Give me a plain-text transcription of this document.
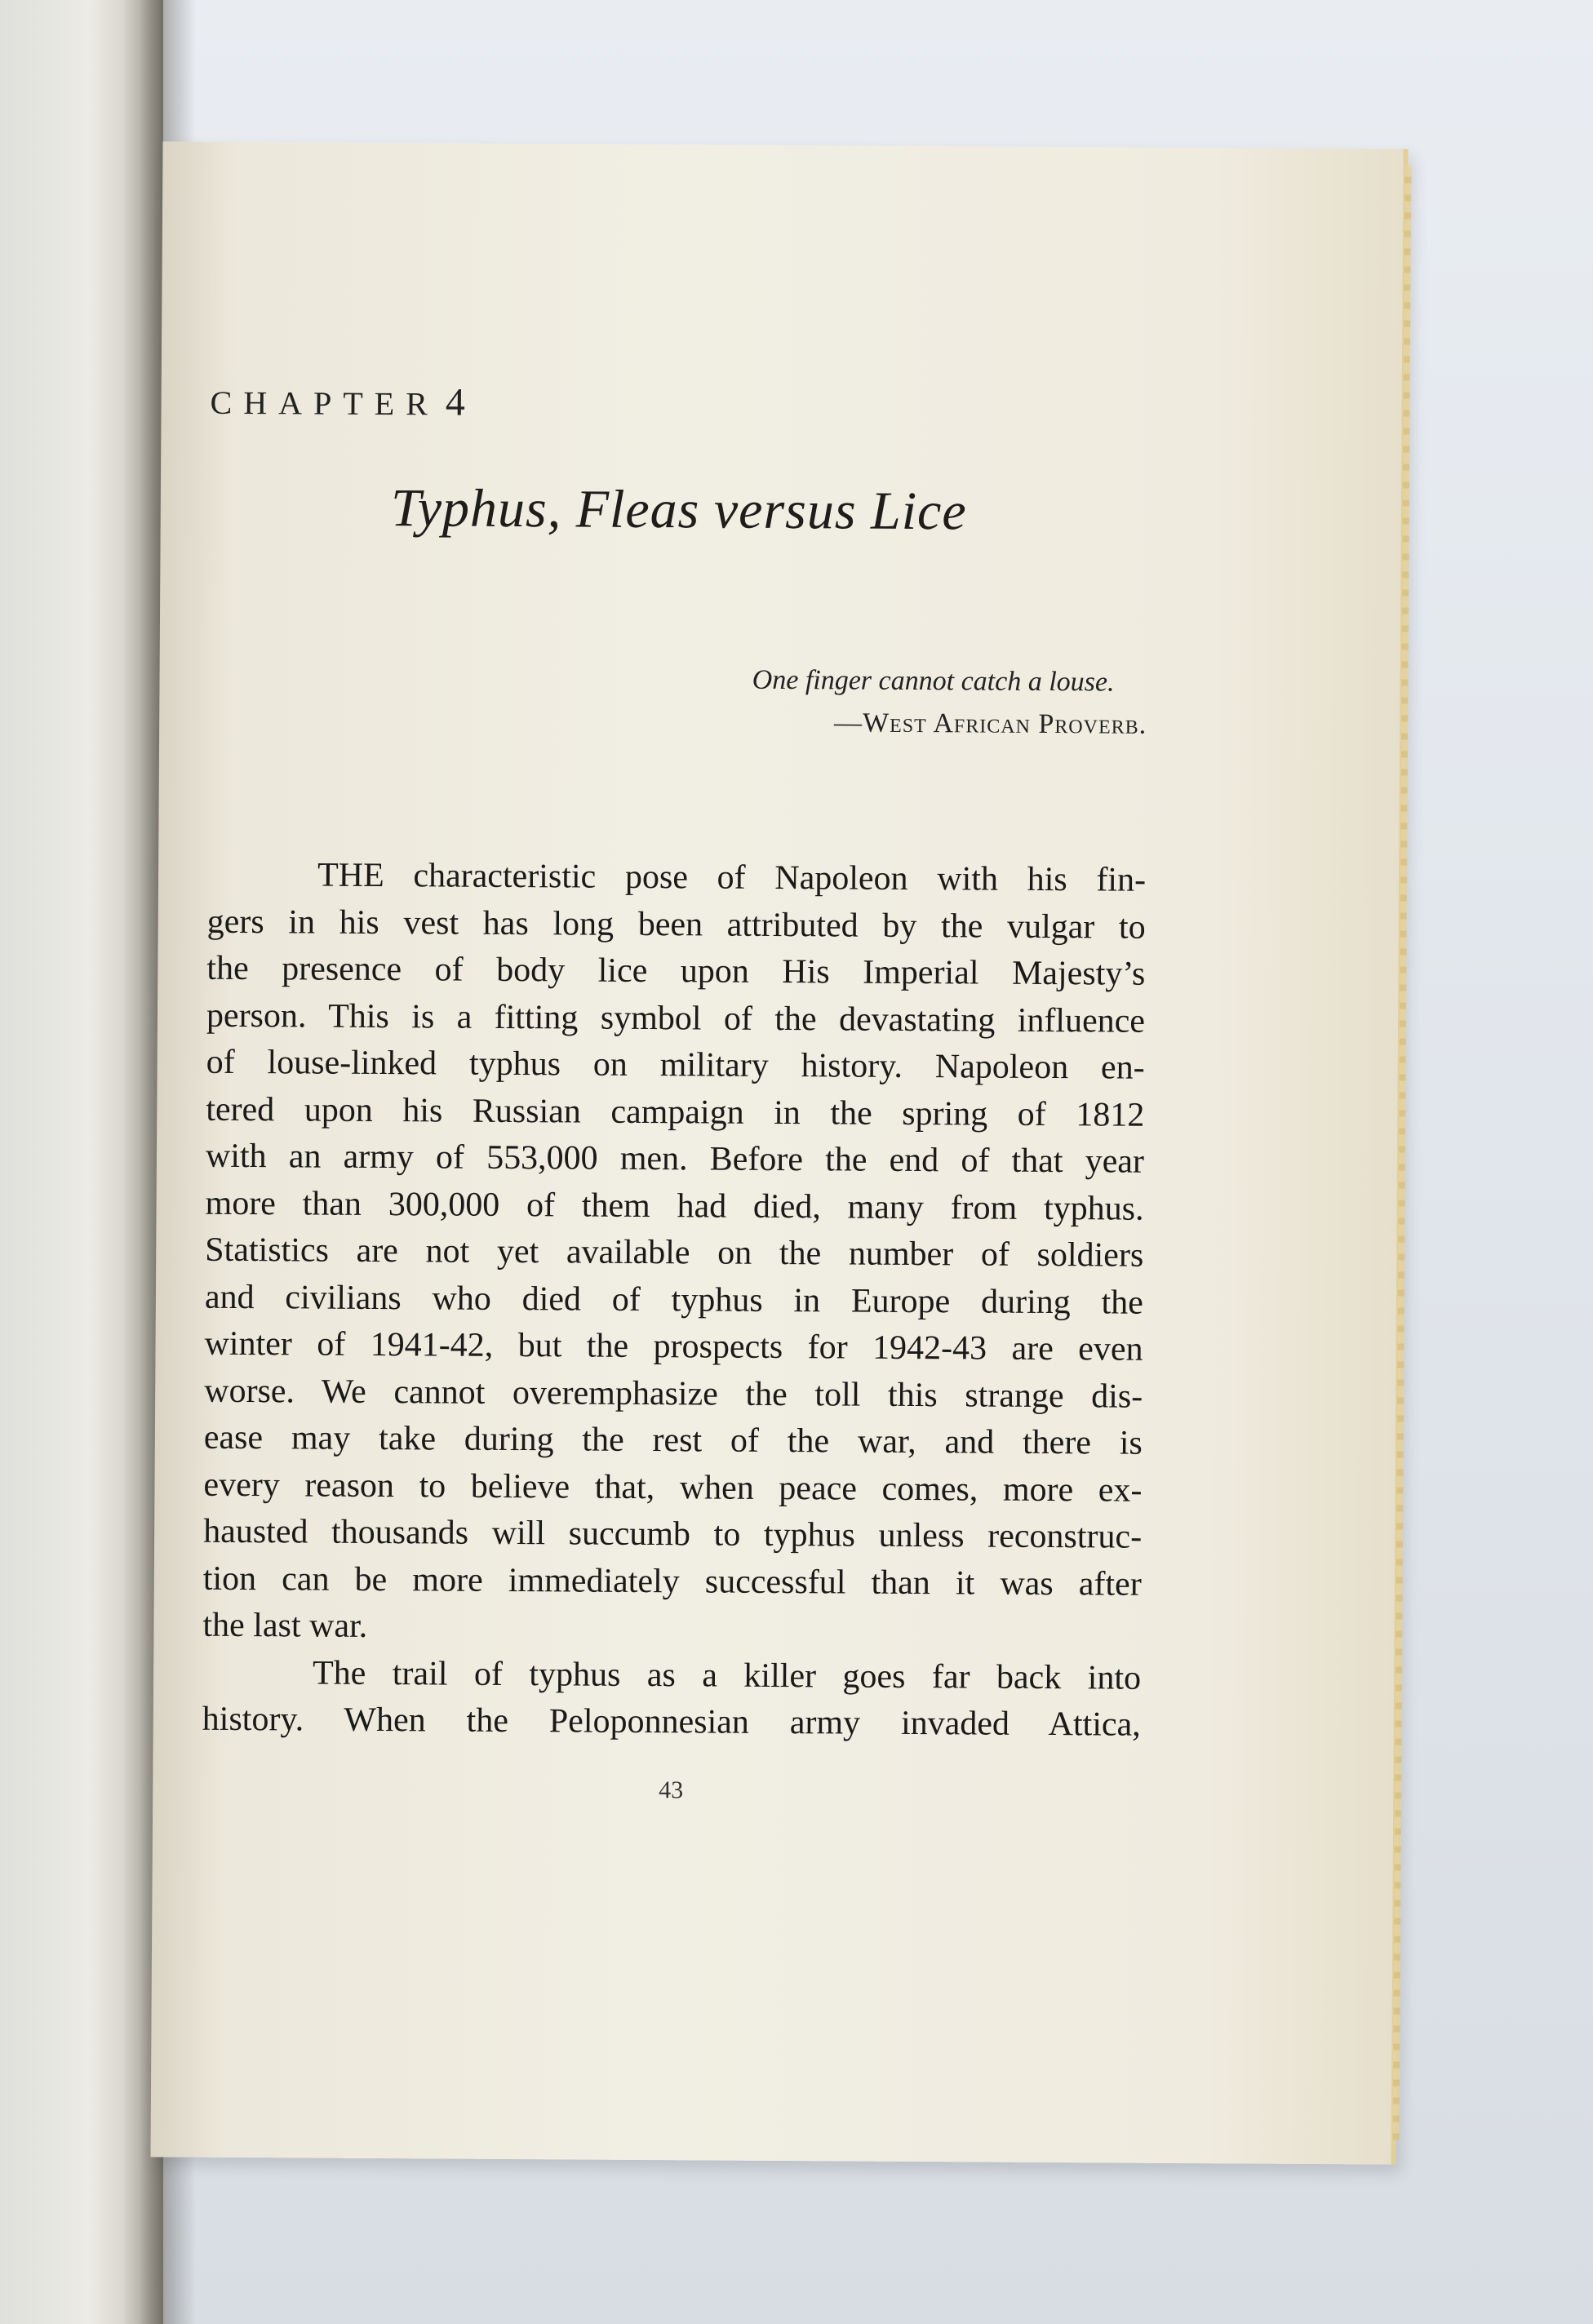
CHAPTER 4
Typhus, Fleas versus Lice
One finger cannot catch a louse.
—West African Proverb.
THE characteristic pose of Napoleon with his fin-
gers in his vest has long been attributed by the vulgar to
the presence of body lice upon His Imperial Majesty’s
person. This is a fitting symbol of the devastating influence
of louse-linked typhus on military history. Napoleon en-
tered upon his Russian campaign in the spring of 1812
with an army of 553,000 men. Before the end of that year
more than 300,000 of them had died, many from typhus.
Statistics are not yet available on the number of soldiers
and civilians who died of typhus in Europe during the
winter of 1941-42, but the prospects for 1942-43 are even
worse. We cannot overemphasize the toll this strange dis-
ease may take during the rest of the war, and there is
every reason to believe that, when peace comes, more ex-
hausted thousands will succumb to typhus unless reconstruc-
tion can be more immediately successful than it was after
the last war.
The trail of typhus as a killer goes far back into
history. When the Peloponnesian army invaded Attica,
43
